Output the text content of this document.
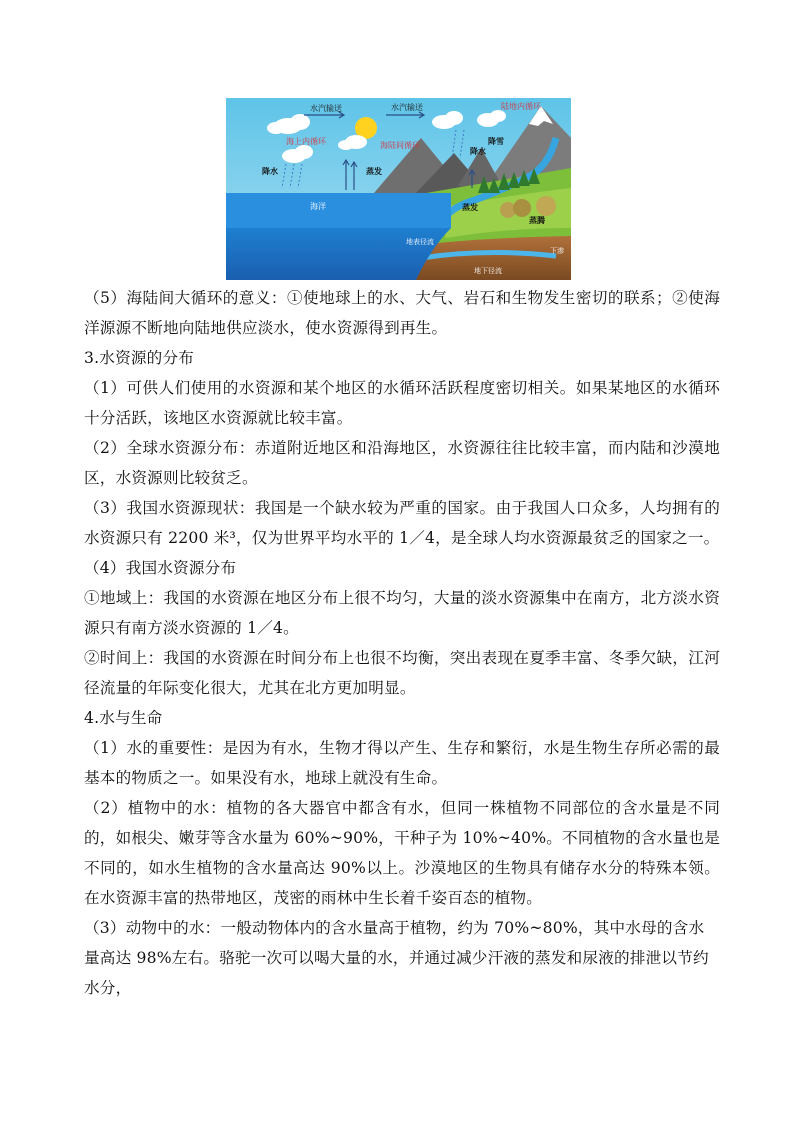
水汽输送	水汽输送	陆地内循环
海上内循环	海陆间循环
降水
降水
降雪
蒸发
蒸发
蒸腾
海洋
地表径流
地下径流
下渗

（5）海陆间大循环的意义：①使地球上的水、大气、岩石和生物发生密切的联系；②使海洋源源不断地向陆地供应淡水，使水资源得到再生。

3.水资源的分布

（1）可供人们使用的水资源和某个地区的水循环活跃程度密切相关。如果某地区的水循环十分活跃，该地区水资源就比较丰富。

（2）全球水资源分布：赤道附近地区和沿海地区，水资源往往比较丰富，而内陆和沙漠地区，水资源则比较贫乏。

（3）我国水资源现状：我国是一个缺水较为严重的国家。由于我国人口众多，人均拥有的水资源只有 2200 米³，仅为世界平均水平的 1／4，是全球人均水资源最贫乏的国家之一。

（4）我国水资源分布

①地域上：我国的水资源在地区分布上很不均匀，大量的淡水资源集中在南方，北方淡水资源只有南方淡水资源的 1／4。

②时间上：我国的水资源在时间分布上也很不均衡，突出表现在夏季丰富、冬季欠缺，江河径流量的年际变化很大，尤其在北方更加明显。

4.水与生命

（1）水的重要性：是因为有水，生物才得以产生、生存和繁衍，水是生物生存所必需的最基本的物质之一。如果没有水，地球上就没有生命。

（2）植物中的水：植物的各大器官中都含有水，但同一株植物不同部位的含水量是不同的，如根尖、嫩芽等含水量为 60%~90%，干种子为 10%~40%。不同植物的含水量也是不同的，如水生植物的含水量高达 90%以上。沙漠地区的生物具有储存水分的特殊本领。在水资源丰富的热带地区，茂密的雨林中生长着千姿百态的植物。

（3）动物中的水：一般动物体内的含水量高于植物，约为 70%~80%，其中水母的含水量高达 98%左右。骆驼一次可以喝大量的水，并通过减少汗液的蒸发和尿液的排泄以节约水分，
